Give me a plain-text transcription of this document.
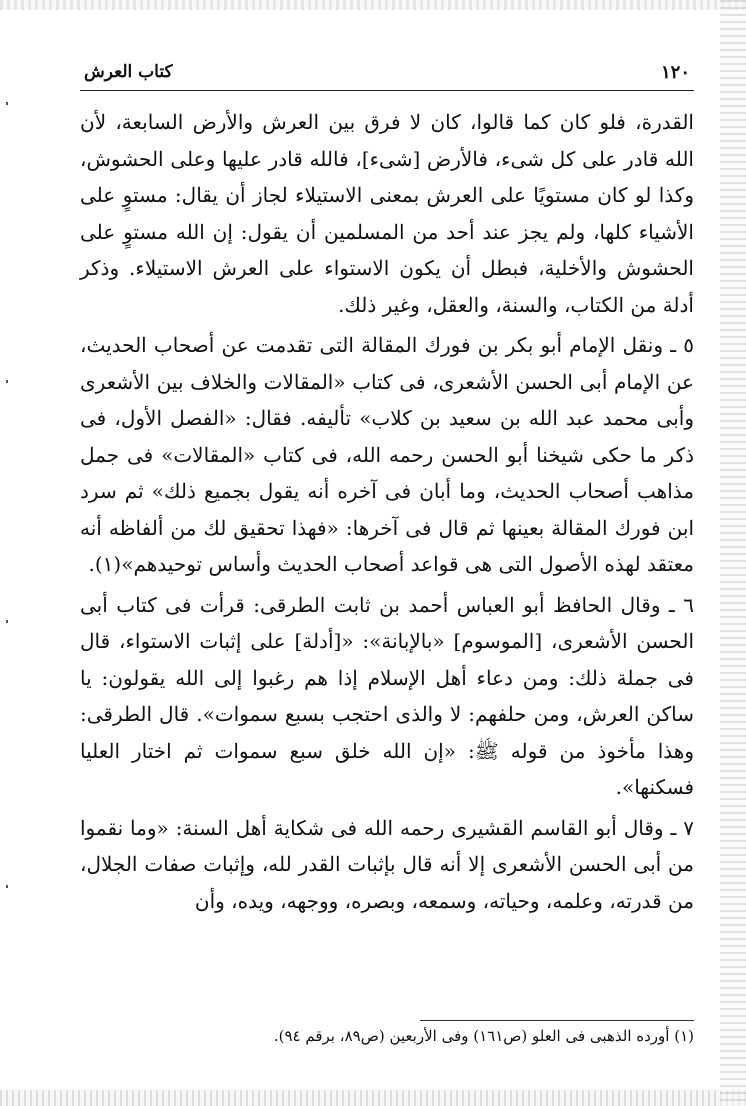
١٢٠
كتاب العرش

القدرة، فلو كان كما قالوا، كان لا فرق بين العرش والأرض السابعة، لأن الله قادر على كل شىء، فالأرض [شىء]، فالله قادر عليها وعلى الحشوش، وكذا لو كان مستويًا على العرش بمعنى الاستيلاء لجاز أن يقال: مستوٍ على الأشياء كلها، ولم يجز عند أحد من المسلمين أن يقول: إن الله مستوٍ على الحشوش والأخلية، فبطل أن يكون الاستواء على العرش الاستيلاء. وذكر أدلة من الكتاب، والسنة، والعقل، وغير ذلك.

٥ ـ ونقل الإمام أبو بكر بن فورك المقالة التى تقدمت عن أصحاب الحديث، عن الإمام أبى الحسن الأشعرى، فى كتاب «المقالات والخلاف بين الأشعرى وأبى محمد عبد الله بن سعيد بن كلاب» تأليفه. فقال: «الفصل الأول، فى ذكر ما حكى شيخنا أبو الحسن رحمه الله، فى كتاب «المقالات» فى جمل مذاهب أصحاب الحديث، وما أبان فى آخره أنه يقول بجميع ذلك» ثم سرد ابن فورك المقالة بعينها ثم قال فى آخرها: «فهذا تحقيق لك من ألفاظه أنه معتقد لهذه الأصول التى هى قواعد أصحاب الحديث وأساس توحيدهم»(١).

٦ ـ وقال الحافظ أبو العباس أحمد بن ثابت الطرقى: قرأت فى كتاب أبى الحسن الأشعرى، [الموسوم] «بالإبانة»: «[أدلة] على إثبات الاستواء، قال فى جملة ذلك: ومن دعاء أهل الإسلام إذا هم رغبوا إلى الله يقولون: يا ساكن العرش، ومن حلفهم: لا والذى احتجب بسبع سموات». قال الطرقى: وهذا مأخوذ من قوله ﷺ: «إن الله خلق سبع سموات ثم اختار العليا فسكنها».

٧ ـ وقال أبو القاسم القشيرى رحمه الله فى شكاية أهل السنة: «وما نقموا من أبى الحسن الأشعرى إلا أنه قال بإثبات القدر لله، وإثبات صفات الجلال، من قدرته، وعلمه، وحياته، وسمعه، وبصره، ووجهه، ويده، وأن

(١) أورده الذهبى فى العلو (ص١٦١) وفى الأربعين (ص٨٩، برقم ٩٤).
